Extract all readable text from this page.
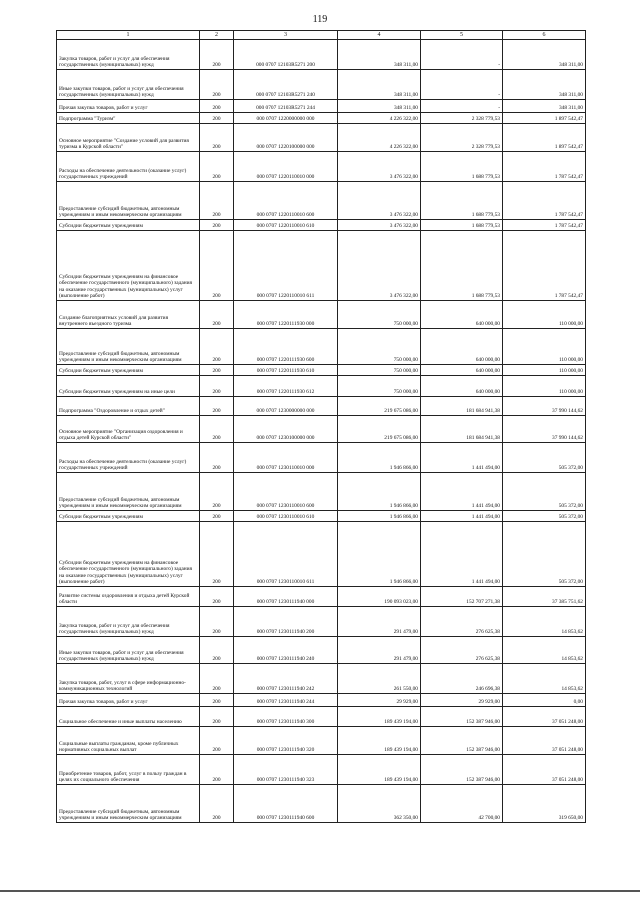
119
1	2	3	4	5	6
Закупка товаров, работ и услуг для обеспечения государственных (муниципальных) нужд	200	000 0707 12103R5271 200	348 311,00	-	348 311,00
Иные закупки товаров, работ и услуг для обеспечения государственных (муниципальных) нужд	200	000 0707 12103R5271 240	348 311,00	-	348 311,00
Прочая закупка товаров, работ и услуг	200	000 0707 12103R5271 244	348 311,00	-	348 311,00
Подпрограмма "Туризм"	200	000 0707 1220000000 000	4 226 322,00	2 328 779,53	1 897 542,47
Основное мероприятие "Создание условий для развития туризма в Курской области"	200	000 0707 1220100000 000	4 226 322,00	2 328 779,53	1 897 542,47
Расходы на обеспечение деятельности (оказание услуг) государственных учреждений	200	000 0707 1220110010 000	3 476 322,00	1 688 779,53	1 787 542,47
Предоставление субсидий бюджетным, автономным учреждениям и иным некоммерческим организациям	200	000 0707 1220110010 600	3 476 322,00	1 688 779,53	1 787 542,47
Субсидии бюджетным учреждениям	200	000 0707 1220110010 610	3 476 322,00	1 688 779,53	1 787 542,47
Субсидии бюджетным учреждениям на финансовое обеспечение государственного (муниципального) задания на оказание государственных (муниципальных) услуг (выполнение работ)	200	000 0707 1220110010 611	3 476 322,00	1 688 779,53	1 787 542,47
Создание благоприятных условий для развития внутреннего въездного туризма	200	000 0707 1220111930 000	750 000,00	640 000,00	110 000,00
Предоставление субсидий бюджетным, автономным учреждениям и иным некоммерческим организациям	200	000 0707 1220111930 600	750 000,00	640 000,00	110 000,00
Субсидии бюджетным учреждениям	200	000 0707 1220111930 610	750 000,00	640 000,00	110 000,00
Субсидии бюджетным учреждениям на иные цели	200	000 0707 1220111930 612	750 000,00	640 000,00	110 000,00
Подпрограмма "Оздоровление и отдых детей"	200	000 0707 1230000000 000	219 675 086,00	181 684 941,38	37 990 144,62
Основное мероприятие "Организация оздоровления и отдыха детей Курской области"	200	000 0707 1230100000 000	219 675 086,00	181 684 941,38	37 990 144,62
Расходы на обеспечение деятельности (оказание услуг) государственных учреждений	200	000 0707 1230110010 000	1 946 866,00	1 441 494,00	505 372,00
Предоставление субсидий бюджетным, автономным учреждениям и иным некоммерческим организациям	200	000 0707 1230110010 600	1 946 866,00	1 441 494,00	505 372,00
Субсидии бюджетным учреждениям	200	000 0707 1230110010 610	1 946 866,00	1 441 494,00	505 372,00
Субсидии бюджетным учреждениям на финансовое обеспечение государственного (муниципального) задания на оказание государственных (муниципальных) услуг (выполнение работ)	200	000 0707 1230110010 611	1 946 866,00	1 441 494,00	505 372,00
Развитие системы оздоровления и отдыха детей Курской области	200	000 0707 1230111940 000	190 093 023,00	152 707 271,38	37 385 751,62
Закупка товаров, работ и услуг для обеспечения государственных (муниципальных) нужд	200	000 0707 1230111940 200	291 479,00	276 625,38	14 853,62
Иные закупки товаров, работ и услуг для обеспечения государственных (муниципальных) нужд	200	000 0707 1230111940 240	291 479,00	276 625,38	14 853,62
Закупка товаров, работ, услуг в сфере информационно-коммуникационных технологий	200	000 0707 1230111940 242	261 550,00	246 696,38	14 853,62
Прочая закупка товаров, работ и услуг	200	000 0707 1230111940 244	29 929,00	29 929,00	0,00
Социальное обеспечение и иные выплаты населению	200	000 0707 1230111940 300	189 439 194,00	152 387 946,00	37 051 248,00
Социальные выплаты гражданам, кроме публичных нормативных социальных выплат	200	000 0707 1230111940 320	189 439 194,00	152 387 946,00	37 051 248,00
Приобретение товаров, работ, услуг в пользу граждан в целях их социального обеспечения	200	000 0707 1230111940 323	189 439 194,00	152 387 946,00	37 051 248,00
Предоставление субсидий бюджетным, автономным учреждениям и иным некоммерческим организациям	200	000 0707 1230111940 600	362 350,00	42 700,00	319 650,00
